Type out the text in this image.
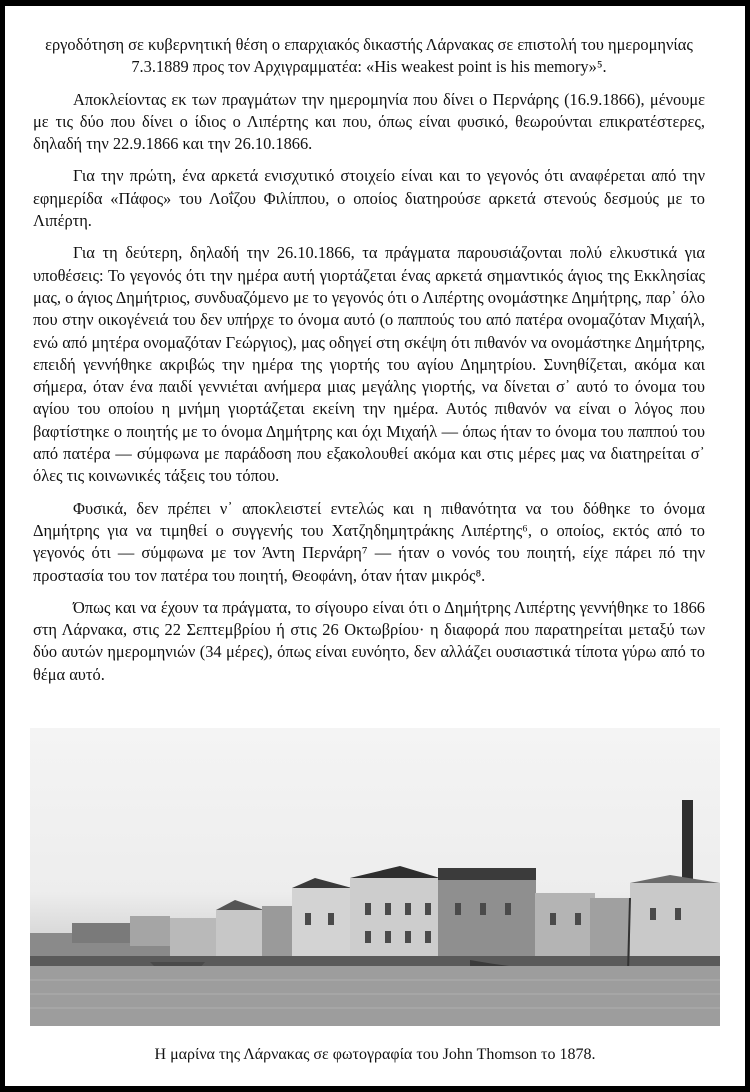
εργοδότηση σε κυβερνητική θέση ο επαρχιακός δικαστής Λάρνακας σε επιστολή του ημερομηνίας 7.3.1889 προς τον Αρχιγραμματέα: «His weakest point is his memory»⁵.

Αποκλείοντας εκ των πραγμάτων την ημερομηνία που δίνει ο Περνάρης (16.9.1866), μένουμε με τις δύο που δίνει ο ίδιος ο Λιπέρτης και που, όπως είναι φυσικό, θεωρούνται επικρατέστερες, δηλαδή την 22.9.1866 και την 26.10.1866.

Για την πρώτη, ένα αρκετά ενισχυτικό στοιχείο είναι και το γεγονός ότι αναφέρεται από την εφημερίδα «Πάφος» του Λοΐζου Φιλίππου, ο οποίος διατηρούσε αρκετά στενούς δεσμούς με το Λιπέρτη.

Για τη δεύτερη, δηλαδή την 26.10.1866, τα πράγματα παρουσιάζονται πολύ ελκυστικά για υποθέσεις: Το γεγονός ότι την ημέρα αυτή γιορτάζεται ένας αρκετά σημαντικός άγιος της Εκκλησίας μας, ο άγιος Δημήτριος, συνδυαζόμενο με το γεγονός ότι ο Λιπέρτης ονομάστηκε Δημήτρης, παρ᾽ όλο που στην οικογένειά του δεν υπήρχε το όνομα αυτό (ο παππούς του από πατέρα ονομαζόταν Μιχαήλ, ενώ από μητέρα ονομαζόταν Γεώργιος), μας οδηγεί στη σκέψη ότι πιθανόν να ονομάστηκε Δημήτρης, επειδή γεννήθηκε ακριβώς την ημέρα της γιορτής του αγίου Δημητρίου. Συνηθίζεται, ακόμα και σήμερα, όταν ένα παιδί γεννιέται ανήμερα μιας μεγάλης γιορτής, να δίνεται σ᾽ αυτό το όνομα του αγίου του οποίου η μνήμη γιορτάζεται εκείνη την ημέρα. Αυτός πιθανόν να είναι ο λόγος που βαφτίστηκε ο ποιητής με το όνομα Δημήτρης και όχι Μιχαήλ — όπως ήταν το όνομα του παππού του από πατέρα — σύμφωνα με παράδοση που εξακολουθεί ακόμα και στις μέρες μας να διατηρείται σ᾽ όλες τις κοινωνικές τάξεις του τόπου.

Φυσικά, δεν πρέπει ν᾽ αποκλειστεί εντελώς και η πιθανότητα να του δόθηκε το όνομα Δημήτρης για να τιμηθεί ο συγγενής του Χατζηδημητράκης Λιπέρτης⁶, ο οποίος, εκτός από το γεγονός ότι — σύμφωνα με τον Άντη Περνάρη⁷ — ήταν ο νονός του ποιητή, είχε πάρει πό την προστασία του τον πατέρα του ποιητή, Θεοφάνη, όταν ήταν μικρός⁸.

Όπως και να έχουν τα πράγματα, το σίγουρο είναι ότι ο Δημήτρης Λιπέρτης γεννήθηκε το 1866 στη Λάρνακα, στις 22 Σεπτεμβρίου ή στις 26 Οκτωβρίου· η διαφορά που παρατηρείται μεταξύ των δύο αυτών ημερομηνιών (34 μέρες), όπως είναι ευνόητο, δεν αλλάζει ουσιαστικά τίποτα γύρω από το θέμα αυτό.

Η μαρίνα της Λάρνακας σε φωτογραφία του John Thomson το 1878.
